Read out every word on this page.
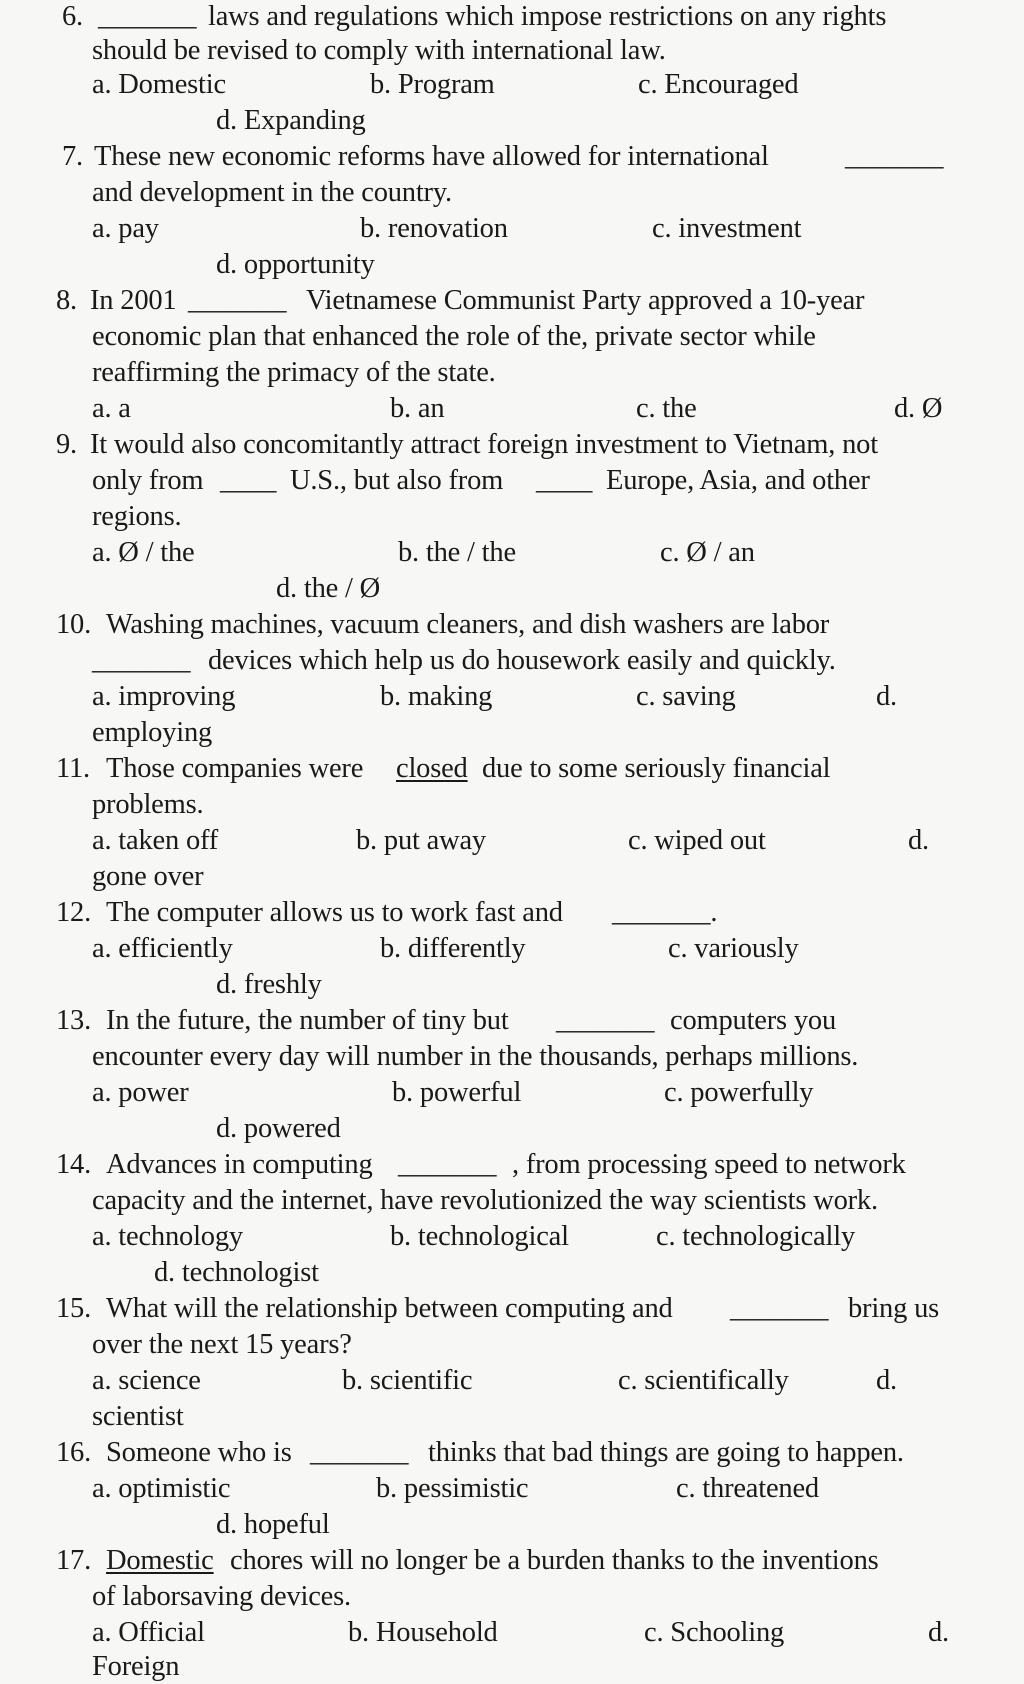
6. _______ laws and regulations which impose restrictions on any rights
should be revised to comply with international law.
a. Domestic	b. Program	c. Encouraged
d. Expanding
7. These new economic reforms have allowed for international	_______
and development in the country.
a. pay	b. renovation	c. investment
d. opportunity
8. In 2001 _______ Vietnamese Communist Party approved a 10-year
economic plan that enhanced the role of the, private sector while
reaffirming the primacy of the state.
a. a	b. an	c. the	d. Ø
9. It would also concomitantly attract foreign investment to Vietnam, not
only from ____ U.S., but also from ____ Europe, Asia, and other
regions.
a. Ø / the	b. the / the	c. Ø / an
d. the / Ø
10. Washing machines, vacuum cleaners, and dish washers are labor
_______ devices which help us do housework easily and quickly.
a. improving	b. making	c. saving	d.
employing
11. Those companies were closed due to some seriously financial
problems.
a. taken off	b. put away	c. wiped out	d.
gone over
12. The computer allows us to work fast and _______.
a. efficiently	b. differently	c. variously
d. freshly
13. In the future, the number of tiny but _______ computers you
encounter every day will number in the thousands, perhaps millions.
a. power	b. powerful	c. powerfully
d. powered
14. Advances in computing _______ , from processing speed to network
capacity and the internet, have revolutionized the way scientists work.
a. technology	b. technological	c. technologically
d. technologist
15. What will the relationship between computing and _______ bring us
over the next 15 years?
a. science	b. scientific	c. scientifically	d.
scientist
16. Someone who is _______ thinks that bad things are going to happen.
a. optimistic	b. pessimistic	c. threatened
d. hopeful
17. Domestic chores will no longer be a burden thanks to the inventions
of laborsaving devices.
a. Official	b. Household	c. Schooling	d.
Foreign
